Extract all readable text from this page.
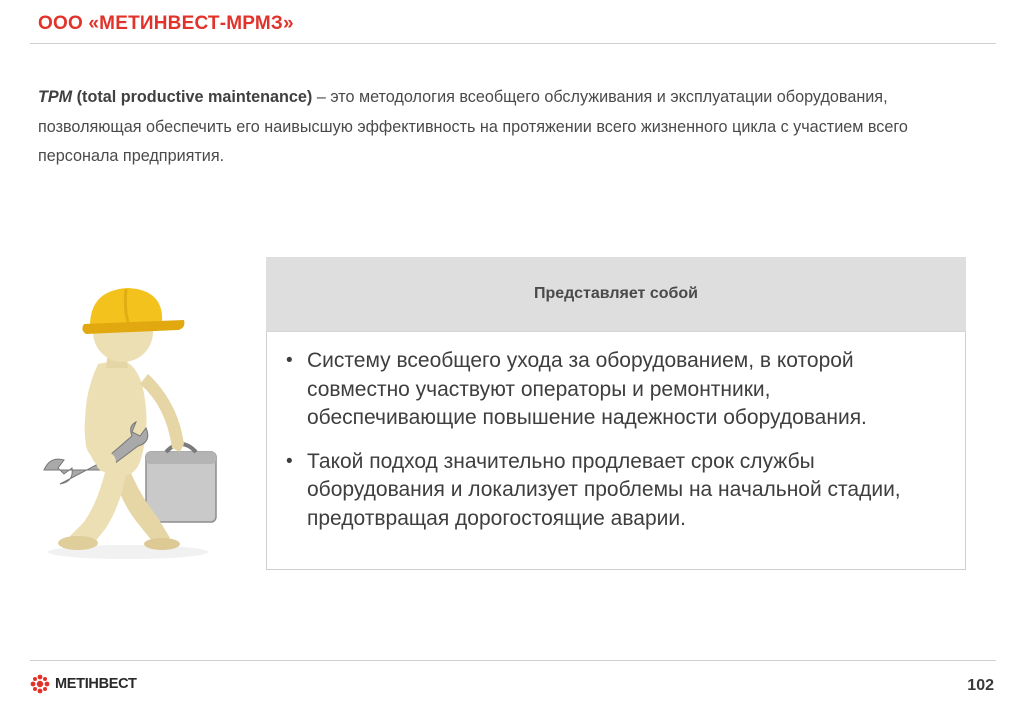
ООО «МЕТИНВЕСТ-МРМЗ»
TPM (total productive maintenance) – это методология всеобщего обслуживания и эксплуатации оборудования, позволяющая обеспечить его наивысшую эффективность на протяжении всего жизненного цикла с участием всего персонала предприятия.
Представляет собой
• Систему всеобщего ухода за оборудованием, в которой совместно участвуют операторы и ремонтники, обеспечивающие повышение надежности оборудования.
• Такой подход значительно продлевает срок службы оборудования и локализует проблемы на начальной стадии, предотвращая дорогостоящие аварии.
МЕТІНВЕСТ	102
